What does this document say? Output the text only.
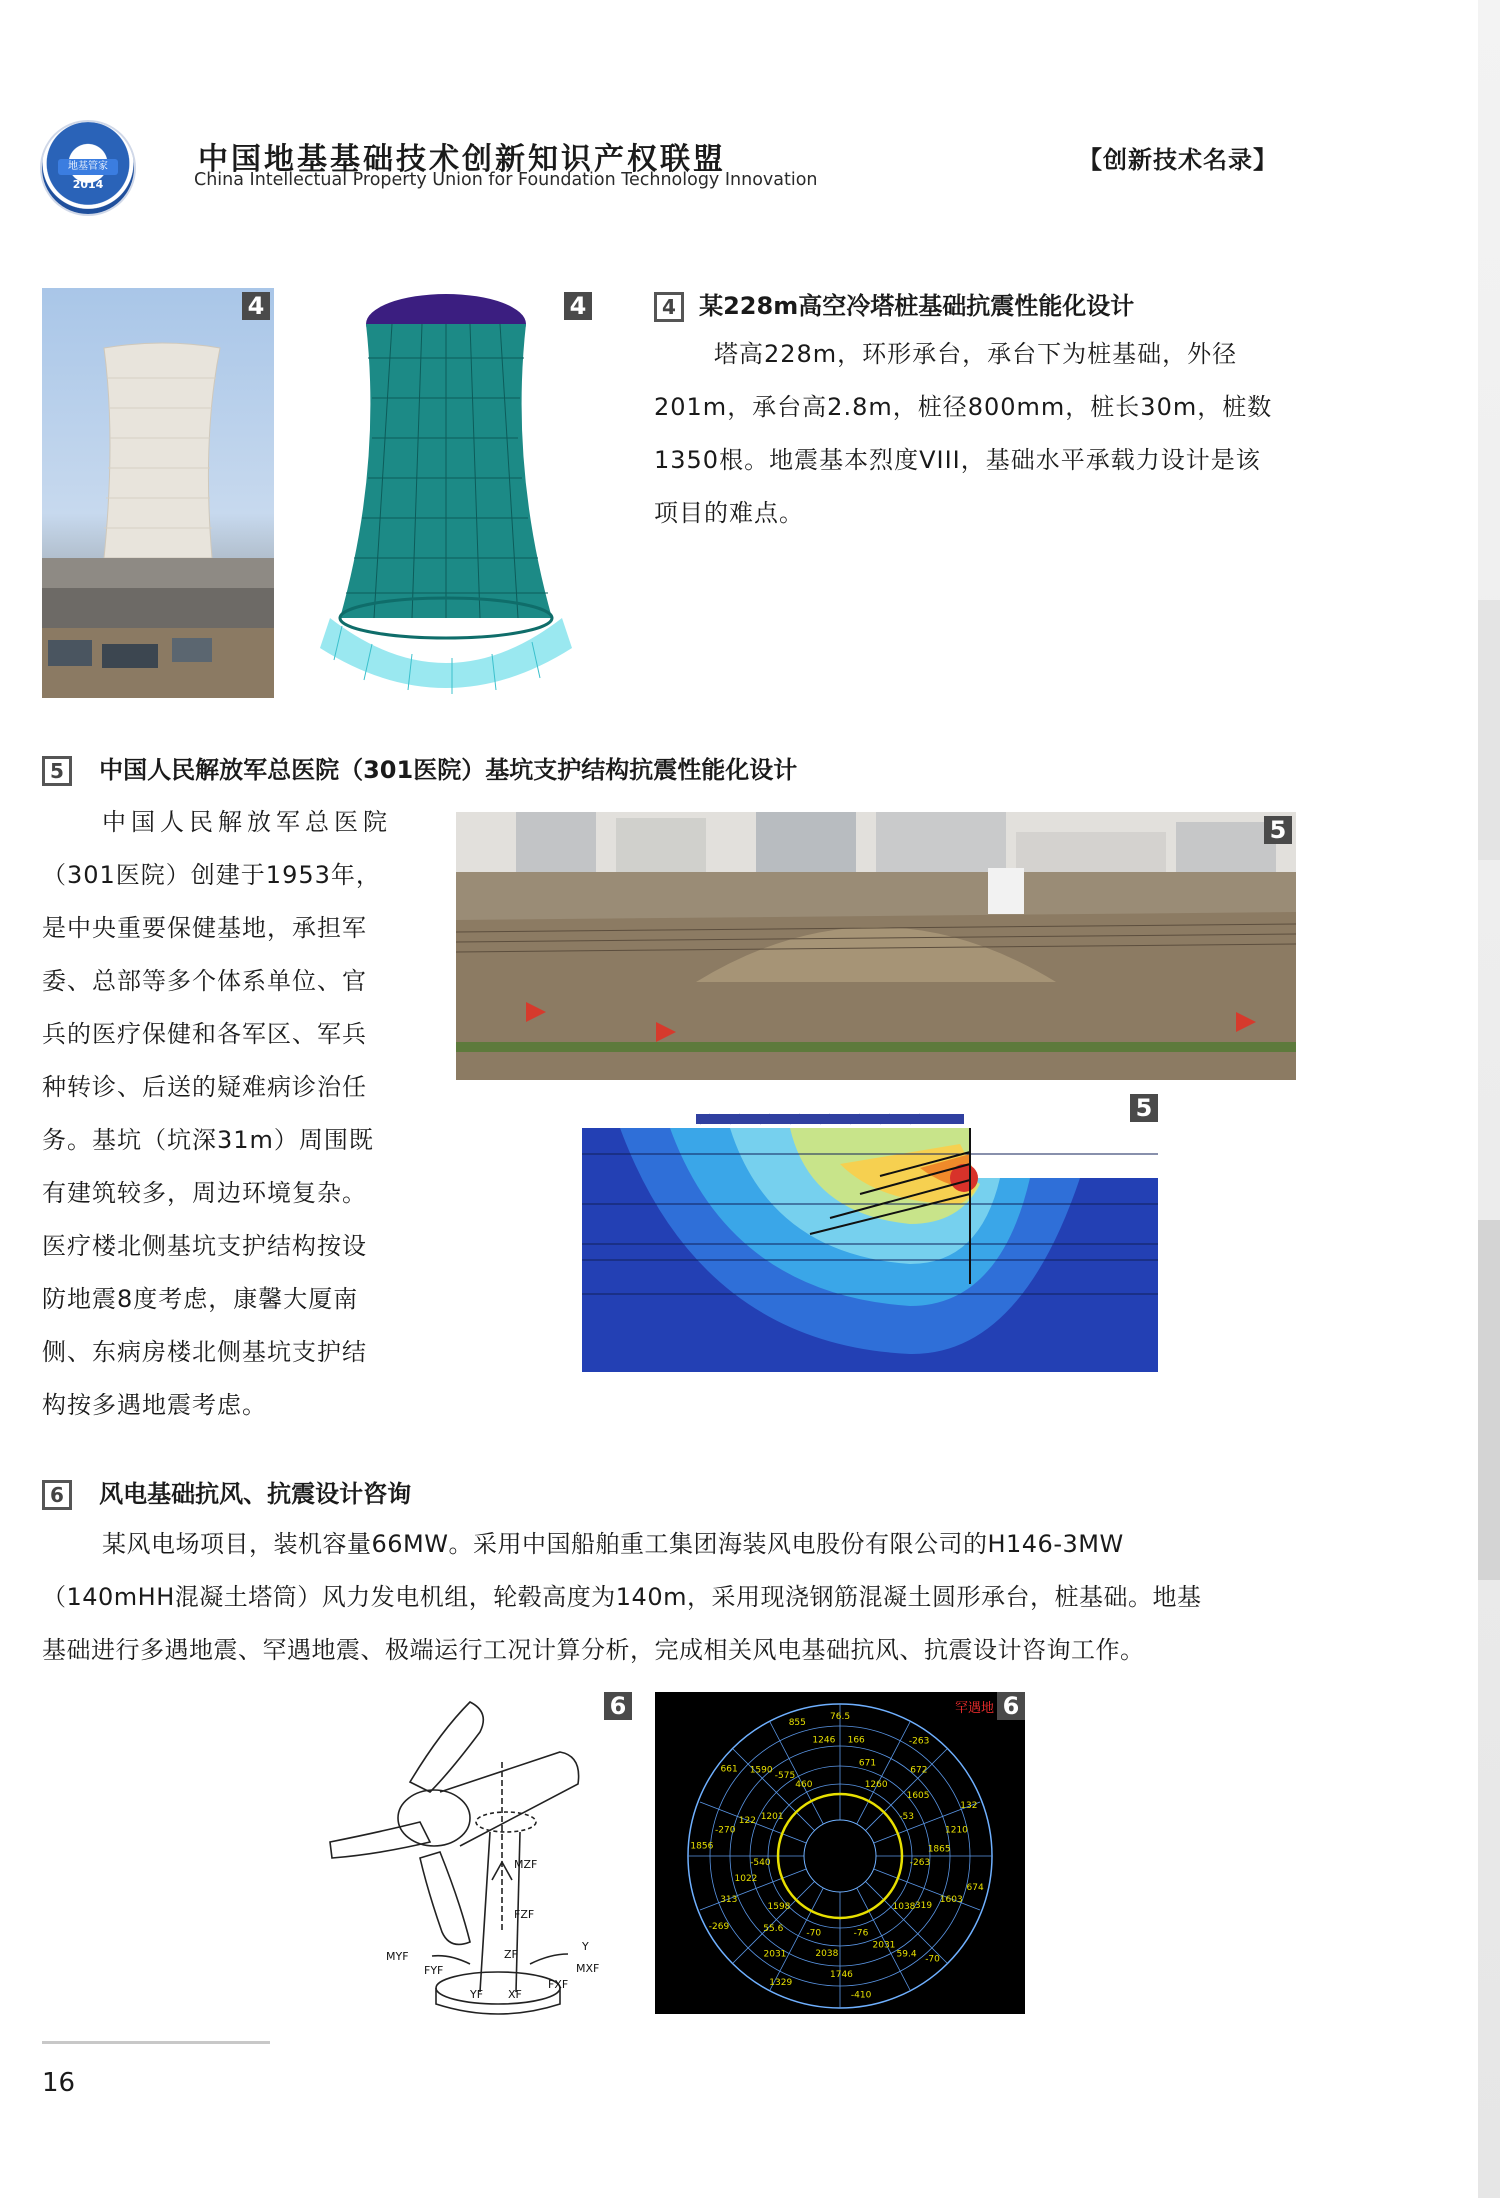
地基管家
2014
中国地基基础技术创新知识产权联盟
China Intellectual Property Union for Foundation Technology Innovation
【创新技术名录】
4	4	4 某228m高空冷塔桩基础抗震性能化设计
塔高228m，环形承台，承台下为桩基础，外径
201m，承台高2.8m，桩径800mm，桩长30m，桩数
1350根。地震基本烈度VIII，基础水平承载力设计是该
项目的难点。
5 中国人民解放军总医院（301医院）基坑支护结构抗震性能化设计
中国人民解放军总医院
（301医院）创建于1953年，
是中央重要保健基地，承担军
委、总部等多个体系单位、官
兵的医疗保健和各军区、军兵
种转诊、后送的疑难病诊治任
务。基坑（坑深31m）周围既
有建筑较多，周边环境复杂。
医疗楼北侧基坑支护结构按设
防地震8度考虑，康馨大厦南
侧、东病房楼北侧基坑支护结
构按多遇地震考虑。
5
5
6 风电基础抗风、抗震设计咨询
某风电场项目，装机容量66MW。采用中国船舶重工集团海装风电股份有限公司的H146-3MW
（140mHH混凝土塔筒）风力发电机组，轮毂高度为140m，采用现浇钢筋混凝土圆形承台，桩基础。地基
基础进行多遇地震、罕遇地震、极端运行工况计算分析，完成相关风电基础抗风、抗震设计咨询工作。
MZF
FZF
ZF
YF XF
MYF
FYF
FXF
MXF
Y
6	76.5
166
671
1260
-263
672
1605
-53
132
1210
1865
-263
674
1603
319
1038
-70
59.4
2031
-76
-410
1746
2038
-70
1329
2031
55.6
1598
-269
313
1022
-540
1856
-270
122 1201
661 1590
-575
460
855
1246
罕遇地 6
16
